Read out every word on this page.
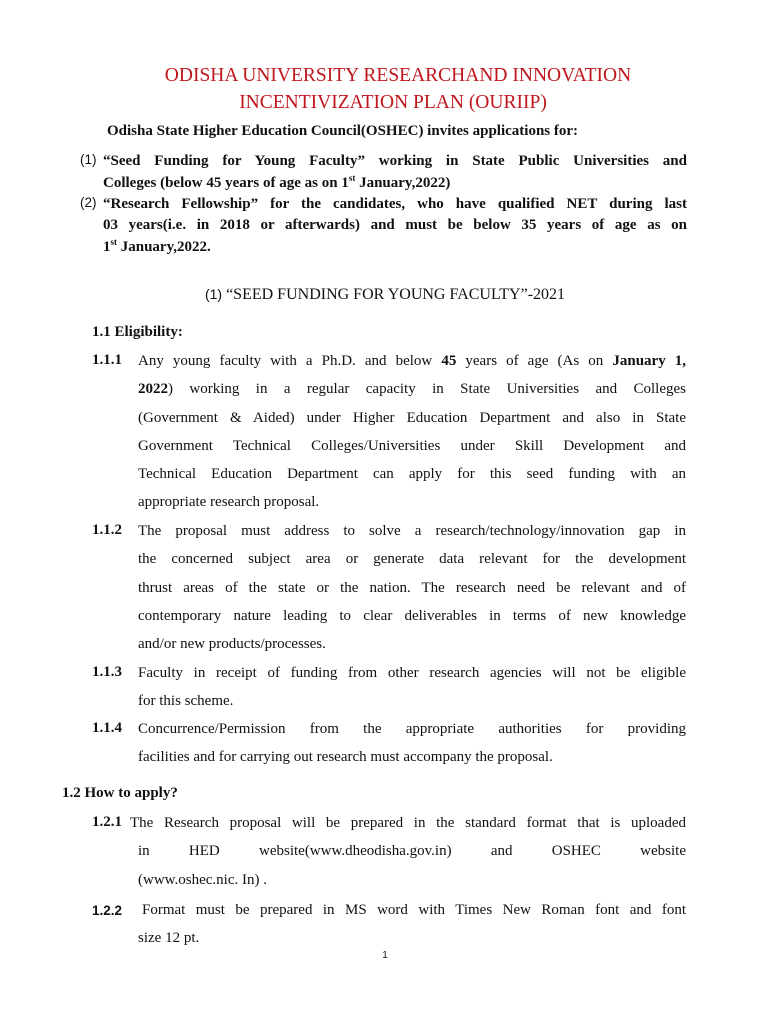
ODISHA UNIVERSITY RESEARCHAND INNOVATION
INCENTIVIZATION PLAN (OURIIP)
Odisha State Higher Education Council(OSHEC) invites applications for:
(1) “Seed Funding for Young Faculty” working in State Public Universities and
Colleges (below 45 years of age as on 1st January,2022)
(2) “Research Fellowship” for the candidates, who have qualified NET during last
03 years(i.e. in 2018 or afterwards) and must be below 35 years of age as on
1st January,2022.
(1) “SEED FUNDING FOR YOUNG FACULTY”-2021
1.1 Eligibility:
1.1.1 Any young faculty with a Ph.D. and below 45 years of age (As on January 1,
2022) working in a regular capacity in State Universities and Colleges
(Government & Aided) under Higher Education Department and also in State
Government Technical Colleges/Universities under Skill Development and
Technical Education Department can apply for this seed funding with an
appropriate research proposal.
1.1.2 The proposal must address to solve a research/technology/innovation gap in
the concerned subject area or generate data relevant for the development
thrust areas of the state or the nation. The research need be relevant and of
contemporary nature leading to clear deliverables in terms of new knowledge
and/or new products/processes.
1.1.3 Faculty in receipt of funding from other research agencies will not be eligible
for this scheme.
1.1.4 Concurrence/Permission from the appropriate authorities for providing
facilities and for carrying out research must accompany the proposal.
1.2 How to apply?
1.2.1 The Research proposal will be prepared in the standard format that is uploaded
in HED website(www.dheodisha.gov.in) and OSHEC website
(www.oshec.nic. In) .
1.2.2 Format must be prepared in MS word with Times New Roman font and font
size 12 pt.
1
